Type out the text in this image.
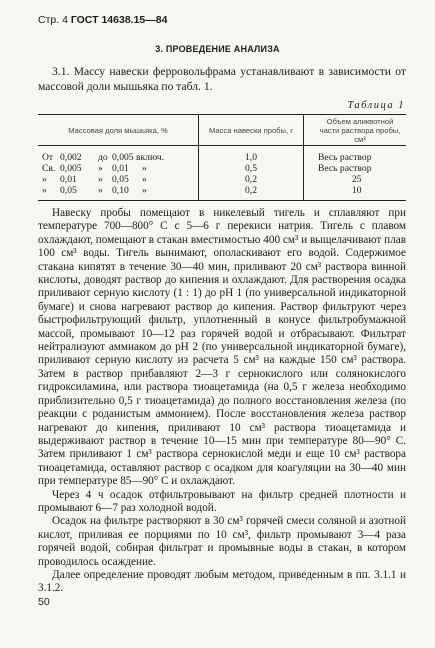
Стр. 4 ГОСТ 14638.15—84
3. ПРОВЕДЕНИЕ АНАЛИЗА
3.1. Массу навески ферровольфрама устанавливают в зависимости от массовой доли мышьяка по табл. 1.
Таблица 1
Массовая доля мышьяка, %	Масса навески пробы, г	Объем аликвотной части раствора пробы, см³
От 0,002 до 0,005 включ.	1,0	Весь раствор
Св. 0,005 » 0,01 »	0,5	Весь раствор
» 0,01 » 0,05 »	0,2	25
» 0,05 » 0,10 »	0,2	10

Навеску пробы помещают в никелевый тигель и сплавляют при температуре 700—800° С с 5—6 г перекиси натрия. Тигель с плавом охлаждают, помещают в стакан вместимостью 400 см³ и выщелачивают плав 100 см³ воды. Тигель вынимают, ополаскивают его водой. Содержимое стакана кипятят в течение 30—40 мин, приливают 20 см³ раствора винной кислоты, доводят раствор до кипения и охлаждают. Для растворения осадка приливают серную кислоту (1 : 1) до рН 1 (по универсальной индикаторной бумаге) и снова нагревают раствор до кипения. Раствор фильтруют через быстрофильтрующий фильтр, уплотненный в конусе фильтробумажной массой, промывают 10—12 раз горячей водой и отбрасывают. Фильтрат нейтрализуют аммиаком до рН 2 (по универсальной индикаторной бумаге), приливают серную кислоту из расчета 5 см³ на каждые 150 см³ раствора. Затем в раствор прибавляют 2—3 г сернокислого или солянокислого гидроксиламина, или раствора тиоацетамида (на 0,5 г железа необходимо приблизительно 0,5 г тиоацетамида) до полного восстановления железа (по реакции с роданистым аммонием). После восстановления железа раствор нагревают до кипения, приливают 10 см³ раствора тиоацетамида и выдерживают раствор в течение 10—15 мин при температуре 80—90° С. Затем приливают 1 см³ раствора сернокислой меди и еще 10 см³ раствора тиоацетамида, оставляют раствор с осадком для коагуляции на 30—40 мин при температуре 85—90° С и охлаждают.

Через 4 ч осадок отфильтровывают на фильтр средней плотности и промывают 6—7 раз холодной водой.

Осадок на фильтре растворяют в 30 см³ горячей смеси соляной и азотной кислот, приливая ее порциями по 10 см³, фильтр промывают 3—4 раза горячей водой, собирая фильтрат и промывные воды в стакан, в котором проводилось осаждение.

Далее определение проводят любым методом, приведенным в пп. 3.1.1 и 3.1.2.

50
